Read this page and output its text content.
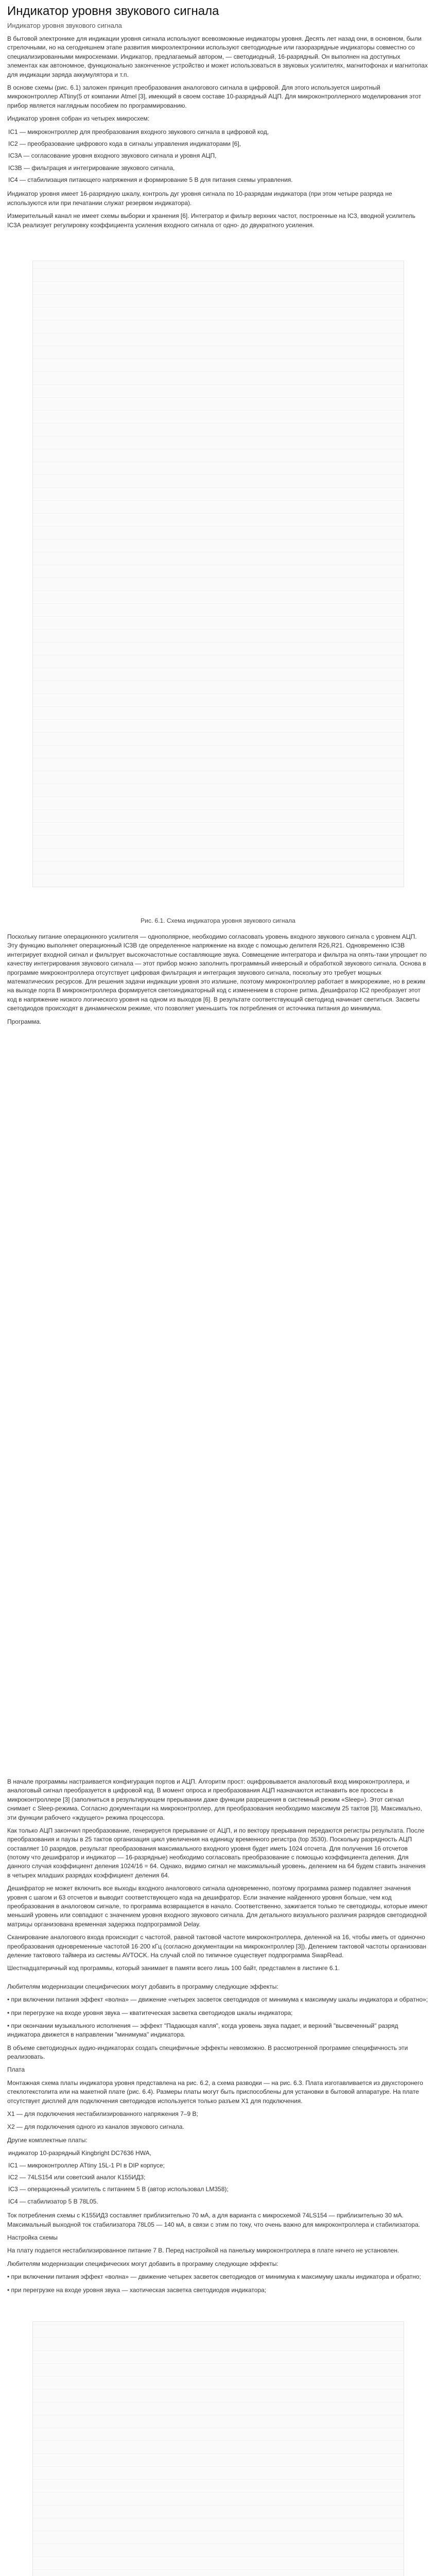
Индикатор уровня звукового сигнала
Индикатор уровня звукового сигнала

В бытовой электронике для индикации уровня сигнала используют всевозможные индикаторы уровня. Десять лет назад они, в основном, были стрелочными, но на сегодняшнем этапе развития микроэлектроники используют светодиодные или газоразрядные индикаторы совместно со специализированными микросхемами. Индикатор, предлагаемый автором, — светодиодный, 16-разрядный. Он выполнен на доступных элементах как автономное, функционально законченное устройство и может использоваться в звуковых усилителях, магнитофонах и магнитолах для индикации заряда аккумулятора и т.п.

В основе схемы (рис. 6.1) заложен принцип преобразования аналогового сигнала в цифровой. Для этого используется широтный микроконтроллер ATtiny(5 от компании Atmel [3], имеющий в своем составе 10-разрядный АЦП. Для микроконтроллерного моделирования этот прибор является наглядным пособием по программированию.

Индикатор уровня собран из четырех микросхем:

IC1 — микроконтроллер для преобразования входного звукового сигнала в цифровой код,
IC2 — преобразование цифрового кода в сигналы управления индикаторами [6],
IC3A — согласование уровня входного звукового сигнала и уровня АЦП,
IC3B — фильтрация и интегрирование звукового сигнала,
IC4 — стабилизация питающего напряжения и формирование 5 В для питания схемы управления.

Индикатор уровня имеет 16-разрядную шкалу, контроль дуг уровня сигнала по 10-разрядам индикатора (при этом четыре разряда не используются или при печатании служат резервом индикатора).

Измерительный канал не имеет схемы выборки и хранения [6]. Интегратор и фильтр верхних частот, построенные на IC3, вводной усилитель IC3А реализует регулировку коэффициента усиления входного сигнала от одно- до двукратного усиления.

Рис. 6.1. Схема индикатора уровня звукового сигнала

Поскольку питание операционного усилителя — однополярное, необходимо согласовать уровень входного звукового сигнала с уровнем АЦП. Эту функцию выполняет операционный IC3B где определенное напряжение на входе с помощью делителя R26,R21. Одновременно IC3B интегрирует входной сигнал и фильтрует высокочастотные составляющие звука. Совмещение интегратора и фильтра на опять-таки упрощает по качеству интегрирования звукового сигнала — этот прибор можно заполнить программный инверсный и обработкой звукового сигнала. Основа в программе микроконтроллера отсутствует цифровая фильтрация и интеграция звукового сигнала, поскольку это требует мощных математических ресурсов. Для решения задачи индикации уровня это излишне, поэтому микроконтроллер работает в микрорежиме, но в режим на выходе порта В микроконтроллера формируется светоиндикаторный код с изменением в стороне ритма. Дешифратор IC2 преобразует этот код в напряжение низкого логического уровня на одном из выходов [6]. В результате соответствующий светодиод начинает светиться. Засветы светодиодов происходят в динамическом режиме, что позволяет уменьшить ток потребления от источника питания до минимума.

Программа.

В начале программы настраивается конфигурация портов и АЦП. Алгоритм прост: оцифровывается аналоговый вход микроконтроллера, и аналоговый сигнал преобразуется в цифровой код. В момент опроса и преобразования АЦП назначаются истанавить все проссесы в микроконтроллере [3] (заполниться в результирующем прерывании даже функции разрешения в системный режим «Sleep»). Этот сигнал снимает с Sleep-режима. Согласно документации на микроконтроллер, для преобразования необходимо максимум 25 тактов [3]. Максимально, эти функции рабочего «ждущего» режима процессора.

Как только АЦП закончил преобразование, генерируется прерывание от АЦП, и по вектору прерывания передаются регистры результата. После преобразования и паузы в 25 тактов организация цикл увеличения на единицу временного регистра (top 3530). Поскольку разрядность АЦП составляет 10 разрядов, результат преобразования максимального входного уровня будет иметь 1024 отсчета. Для получения 16 отсчетов (потому что дешифратор и индикатор — 16-разрядные) необходимо согласовать преобразование с помощью коэффициента деления. Для данного случая коэффициент деления 1024/16 = 64. Однако, видимо сигнал не максимальный уровень, делением на 64 будем ставить значения в четырех младших разрядах коэффициент деления 64.

Дешифратор не может включить все выходы входного аналогового сигнала одновременно, поэтому программа размер подавляет значения уровня с шагом и 63 отсчетов и выводит соответствующего кода на дешифратор. Если значение найденного уровня больше, чем код преобразования в аналоговом сигнале, то программа возвращается в начало. Соответственно, зажигается только те светодиоды, которые имеют меньший уровень или совпадают с значением уровня входного звукового сигнала. Для детального визуального различия разрядов светодиодной матрицы организована временная задержка подпрограммой Delay.

Сканирование аналогового входа происходит с частотой, равной тактовой частоте микроконтроллера, деленной на 16, чтобы иметь от одиночно преобразования одновременные частотой 16·200 кГц (согласно документации на микроконтроллер [3]). Делением тактовой частоты организован деление тактового таймера из системы AVTOCK. На случай слой по типичное существует подпрограмма SwapRead.

Шестнадцатеричный код программы, который занимает в памяти всего лишь 100 байт, представлен в листинге 6.1.

Любителям модернизации специфических могут добавить в программу следующие эффекты:

• при включении питания эффект «волна» — движение «четырех засветок светодиодов от минимума к максимуму шкалы индикатора и обратно»;

• при перегрузке на входе уровня звука — кватитеческая засветка светодиодов шкалы индикатора;

• при окончании музыкального исполнения — эффект "Падающая капля", когда уровень звука падает, и верхний "высвеченный" разряд индикатора движется в направлении "минимума" индикатора.

В объеме светодиодных аудио-индикаторах создать специфичные эффекты невозможно. В рассмотренной программе специфичность эти реализовать.

Плата

Монтажная схема платы индикатора уровня представлена на рис. 6.2, а схема разводки — на рис. 6.3. Плата изготавливается из двухсторонего стеклотекстолита или на макетной плате (рис. 6.4). Размеры платы могут быть приспособлены для установки в бытовой аппаратуре. На плате отсутствует дисплей для подключения светодиодов используется только разъем X1 для подключения.

X1 — для подключения нестабилизированного напряжения 7–9 В;

X2 — для подключения одного из каналов звукового сигнала.

Другие комплектные платы:

индикатор 10-разрядный Kingbright DC7636 HWA,
IC1 — микроконтроллер ATtiny 15L-1 PI в DIP корпусе;
IC2 — 74LS154 или советский аналог К155ИД3;
IC3 — операционный усилитель с питанием 5 В (автор использовал LM358);
IC4 — стабилизатор 5 В 78L05.

Ток потребления схемы с K155ИД3 составляет приблизительно 70 мА, а для варианта с микросхемой 74LS154 — приблизительно 30 мА. Максимальный выходной ток стабилизатора 78L05 — 140 мА, в связи с этим по току, что очень важно для микроконтроллера и стабилизатора.

Настройка схемы

На плату подается нестабилизированное питание 7 В. Перед настройкой на панельку микроконтроллера в плате ничего не установлен.

Любителям модернизации специфических могут добавить в программу следующие эффекты:

• при включении питания эффект «волна» — движение четырех засветок светодиодов от минимума к максимуму шкалы индикатора и обратно;

• при перегрузке на входе уровня звука — хаотическая засветка светодиодов индикатора;
